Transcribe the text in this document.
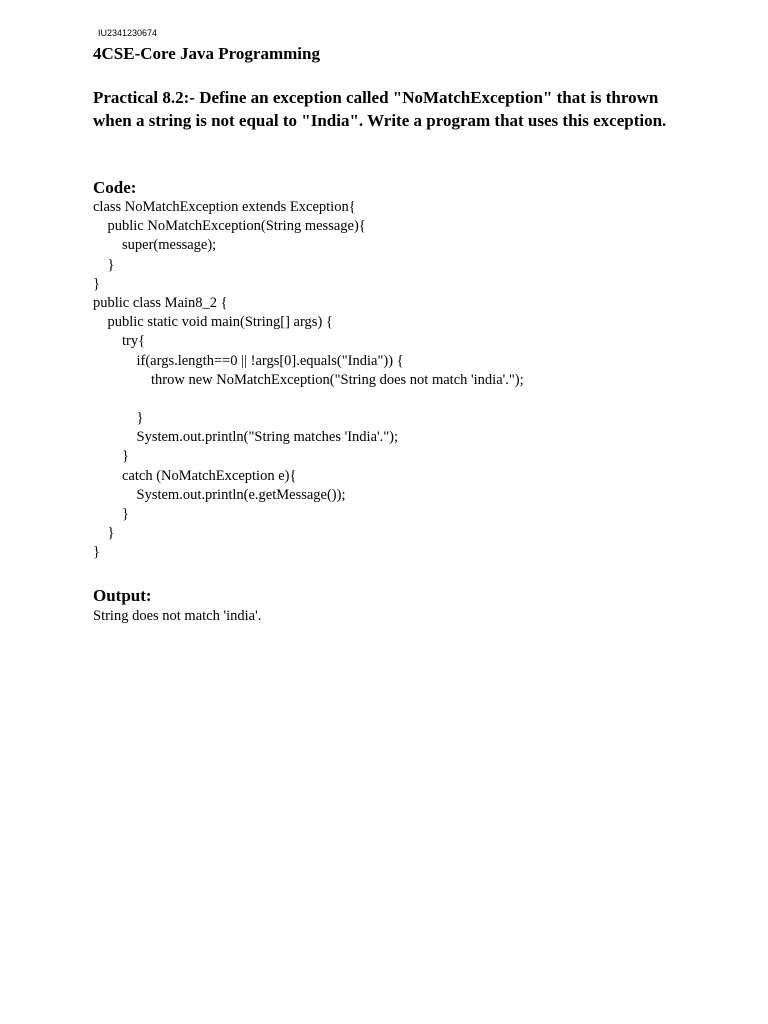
IU2341230674
4CSE-Core Java Programming
Practical 8.2:- Define an exception called "NoMatchException" that is thrown when a string is not equal to "India". Write a program that uses this exception.
Code:
class NoMatchException extends Exception{
public NoMatchException(String message){
super(message);
}
}
public class Main8_2 {
public static void main(String[] args) {
try{
if(args.length==0 || !args[0].equals("India")) {
throw new NoMatchException("String does not match 'india'.");
}
System.out.println("String matches 'India'.");
}
catch (NoMatchException e){
System.out.println(e.getMessage());
}
}
}
Output:
String does not match 'india'.
